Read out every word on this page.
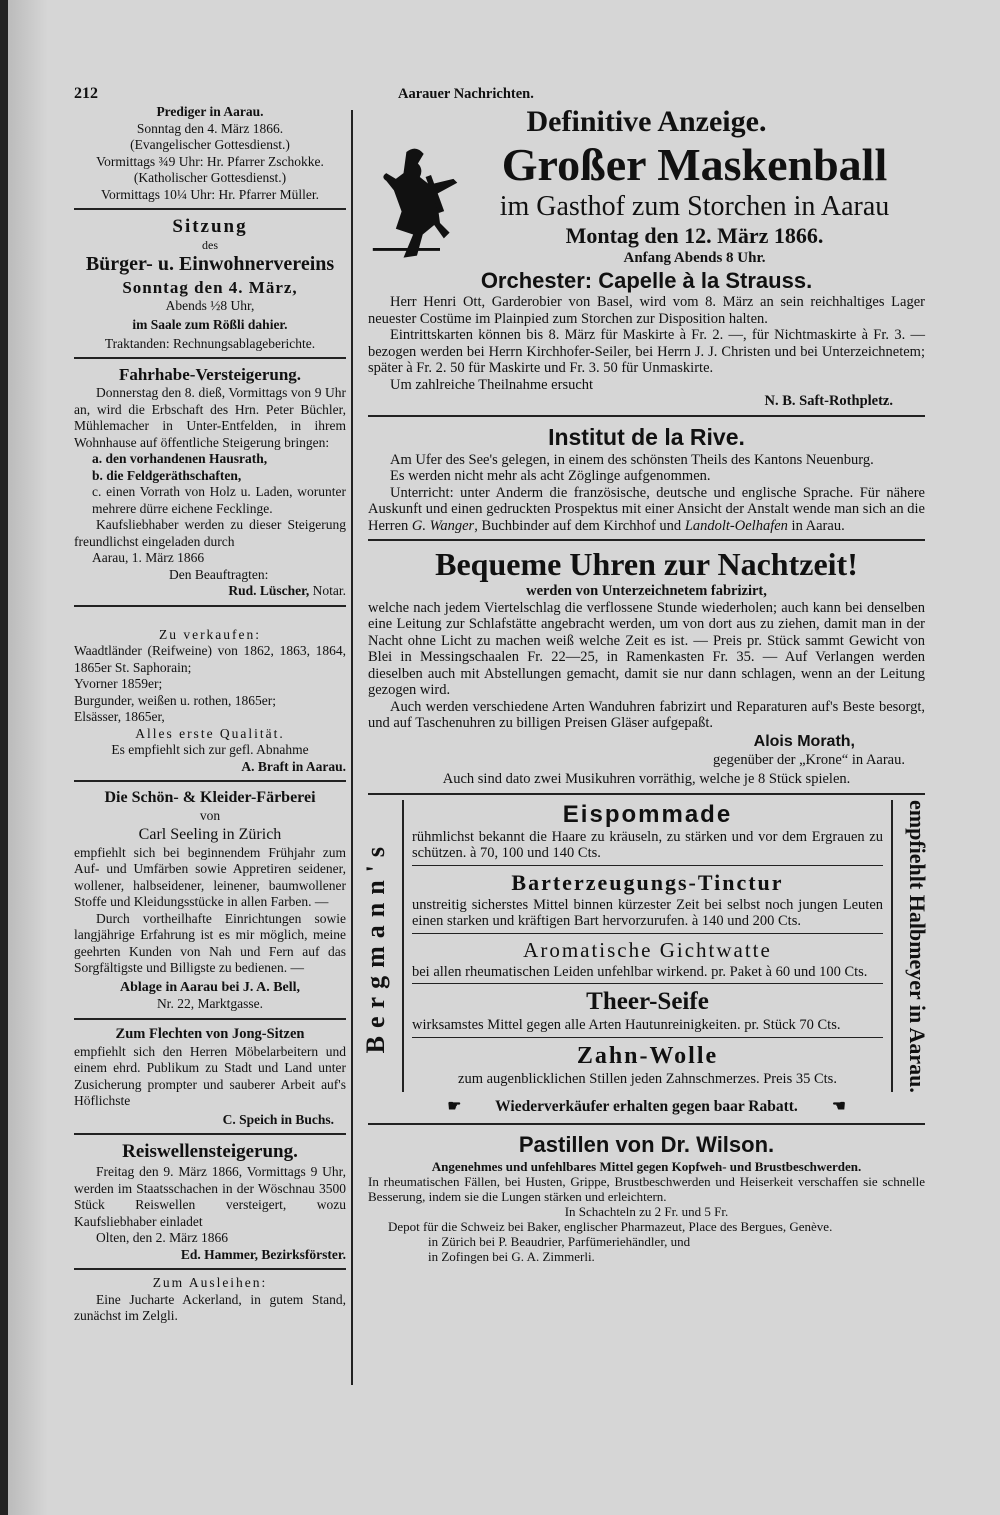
212
Prediger in Aarau.
Sonntag den 4. März 1866.
(Evangelischer Gottesdienst.)
Vormittags ¾9 Uhr: Hr. Pfarrer Zschokke.
(Katholischer Gottesdienst.)
Vormittags 10¼ Uhr: Hr. Pfarrer Müller.
Sitzung
des
Bürger- u. Einwohnervereins
Sonntag den 4. März,
Abends ½8 Uhr,
im Saale zum Rößli dahier.
Traktanden: Rechnungsablageberichte.
Fahrhabe-Versteigerung.

Donnerstag den 8. dieß, Vormittags von 9 Uhr an, wird die Erbschaft des Hrn. Peter Büchler, Mühlemacher in Unter-Entfelden, in ihrem Wohnhause auf öffentliche Steigerung bringen:

a. den vorhandenen Hausrath,

b. die Feldgeräthschaften,

c. einen Vorrath von Holz u. Laden, worunter mehrere dürre eichene Fecklinge.

Kaufsliebhaber werden zu dieser Steigerung freundlichst eingeladen durch

Aarau, 1. März 1866

Den Beauftragten:

Rud. Lüscher, Notar.

Zu verkaufen:

Waadtländer (Reifweine) von 1862, 1863, 1864, 1865er St. Saphorain;

Yvorner 1859er;

Burgunder, weißen u. rothen, 1865er;

Elsässer, 1865er,

Alles erste Qualität.

Es empfiehlt sich zur gefl. Abnahme

A. Braft in Aarau.

Die Schön- & Kleider-Färberei
von
Carl Seeling in Zürich

empfiehlt sich bei beginnendem Frühjahr zum Auf- und Umfärben sowie Appretiren seidener, wollener, halbseidener, leinener, baumwollener Stoffe und Kleidungsstücke in allen Farben. —

Durch vortheilhafte Einrichtungen sowie langjährige Erfahrung ist es mir möglich, meine geehrten Kunden von Nah und Fern auf das Sorgfältigste und Billigste zu bedienen. —

Ablage in Aarau bei J. A. Bell,

Nr. 22, Marktgasse.

Zum Flechten von Jong-Sitzen

empfiehlt sich den Herren Möbelarbeitern und einem ehrd. Publikum zu Stadt und Land unter Zusicherung prompter und sauberer Arbeit auf's Höflichste

C. Speich in Buchs.

Reiswellensteigerung.

Freitag den 9. März 1866, Vormittags 9 Uhr, werden im Staatsschachen in der Wöschnau 3500 Stück Reiswellen versteigert, wozu Kaufsliebhaber einladet

Olten, den 2. März 1866

Ed. Hammer, Bezirksförster.

Zum Ausleihen:

Eine Jucharte Ackerland, in gutem Stand, zunächst im Zelgli.

Aarauer Nachrichten.
Definitive Anzeige.
Großer Maskenball
im Gasthof zum Storchen in Aarau
Montag den 12. März 1866.
Anfang Abends 8 Uhr.
Orchester: Capelle à la Strauss.

Herr Henri Ott, Garderobier von Basel, wird vom 8. März an sein reichhaltiges Lager neuester Costüme im Plainpied zum Storchen zur Disposition halten.

Eintrittskarten können bis 8. März für Maskirte à Fr. 2. —, für Nichtmaskirte à Fr. 3. — bezogen werden bei Herrn Kirchhofer-Seiler, bei Herrn J. J. Christen und bei Unterzeichnetem; später à Fr. 2. 50 für Maskirte und Fr. 3. 50 für Unmaskirte.

Um zahlreiche Theilnahme ersucht

N. B. Saft-Rothpletz.

Institut de la Rive.

Am Ufer des See's gelegen, in einem des schönsten Theils des Kantons Neuenburg.

Es werden nicht mehr als acht Zöglinge aufgenommen.

Unterricht: unter Anderm die französische, deutsche und englische Sprache. Für nähere Auskunft und einen gedruckten Prospektus mit einer Ansicht der Anstalt wende man sich an die Herren G. Wanger, Buchbinder auf dem Kirchhof und Landolt-Oelhafen in Aarau.

Bequeme Uhren zur Nachtzeit!
werden von Unterzeichnetem fabrizirt,

welche nach jedem Viertelschlag die verflossene Stunde wiederholen; auch kann bei denselben eine Leitung zur Schlafstätte angebracht werden, um von dort aus zu ziehen, damit man in der Nacht ohne Licht zu machen weiß welche Zeit es ist. — Preis pr. Stück sammt Gewicht von Blei in Messingschaalen Fr. 22—25, in Ramenkasten Fr. 35. — Auf Verlangen werden dieselben auch mit Abstellungen gemacht, damit sie nur dann schlagen, wenn an der Leitung gezogen wird.

Auch werden verschiedene Arten Wanduhren fabrizirt und Reparaturen auf's Beste besorgt, und auf Taschenuhren zu billigen Preisen Gläser aufgepaßt.

Alois Morath,

gegenüber der „Krone“ in Aarau.

Auch sind dato zwei Musikuhren vorräthig, welche je 8 Stück spielen.

Bergmann's
Eispommade

rühmlichst bekannt die Haare zu kräuseln, zu stärken und vor dem Ergrauen zu schützen. à 70, 100 und 140 Cts.

Barterzeugungs-Tinctur

unstreitig sicherstes Mittel binnen kürzester Zeit bei selbst noch jungen Leuten einen starken und kräftigen Bart hervorzurufen. à 140 und 200 Cts.

Aromatische Gichtwatte

bei allen rheumatischen Leiden unfehlbar wirkend. pr. Paket à 60 und 100 Cts.

Theer-Seife

wirksamstes Mittel gegen alle Arten Hautunreinigkeiten. pr. Stück 70 Cts.

Zahn-Wolle

zum augenblicklichen Stillen jeden Zahnschmerzes. Preis 35 Cts.	empfiehlt Halbmeyer in Aarau.
☛ Wiederverkäufer erhalten gegen baar Rabatt. ☛
Pastillen von Dr. Wilson.

Angenehmes und unfehlbares Mittel gegen Kopfweh- und Brustbeschwerden.

In rheumatischen Fällen, bei Husten, Grippe, Brustbeschwerden und Heiserkeit verschaffen sie schnelle Besserung, indem sie die Lungen stärken und erleichtern.

In Schachteln zu 2 Fr. und 5 Fr.

Depot für die Schweiz bei Baker, englischer Pharmazeut, Place des Bergues, Genève.

in Zürich bei P. Beaudrier, Parfümeriehändler, und

in Zofingen bei G. A. Zimmerli.
